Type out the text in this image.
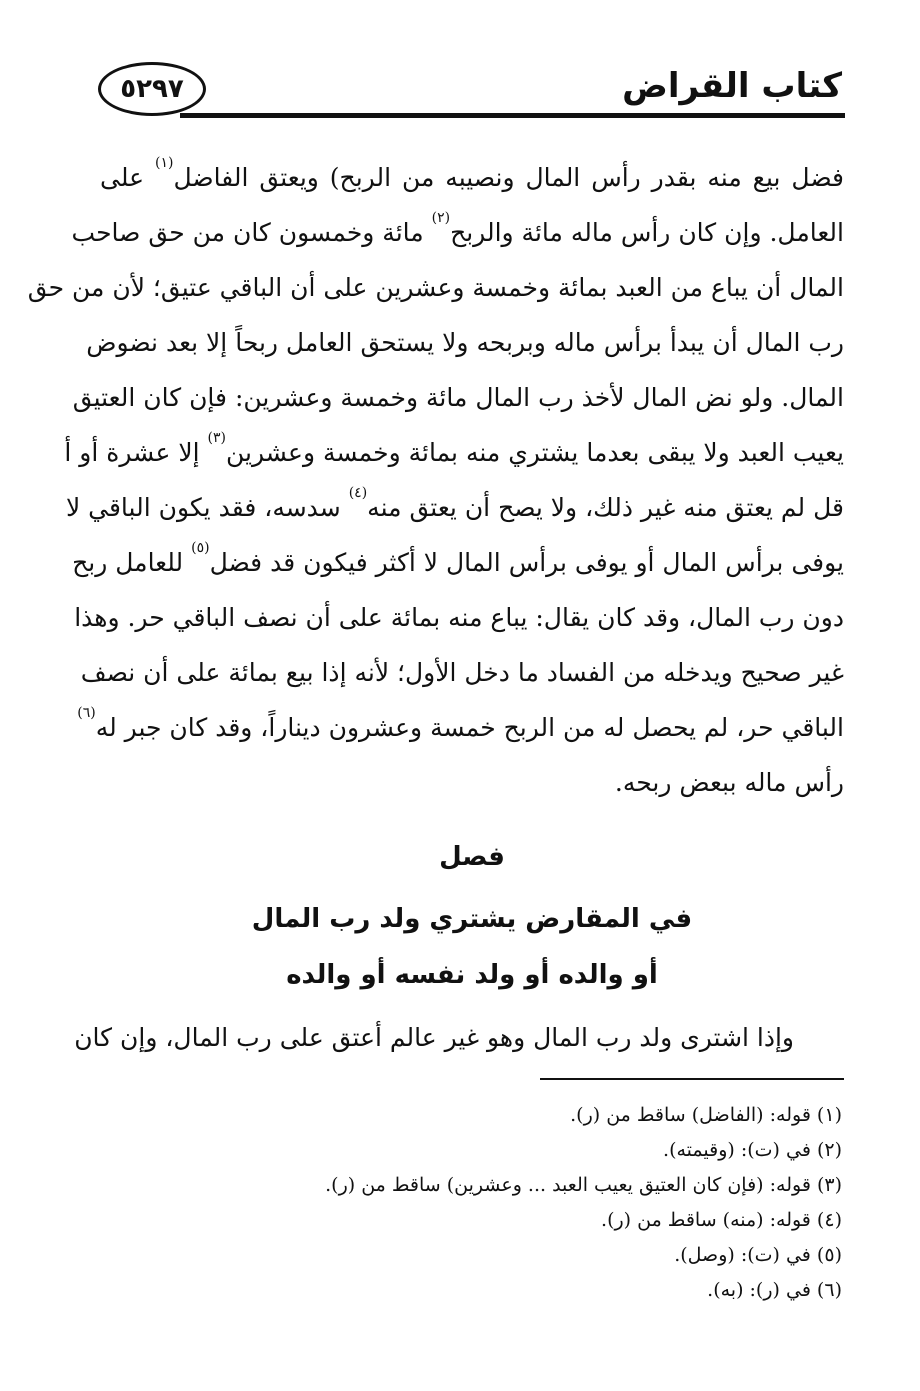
٥٢٩٧	كتاب القراض
فضل بيع منه بقدر رأس المال ونصيبه من الربح) ويعتق الفاضل$^{(١)}$ على
العامل. وإن كان رأس ماله مائة والربح$^{(٢)}$ مائة وخمسون كان من حق صاحب
المال أن يباع من العبد بمائة وخمسة وعشرين على أن الباقي عتيق؛ لأن من حق
رب المال أن يبدأ برأس ماله وبربحه ولا يستحق العامل ربحاً إلا بعد نضوض
المال. ولو نض المال لأخذ رب المال مائة وخمسة وعشرين: فإن كان العتيق
يعيب العبد ولا يبقى بعدما يشتري منه بمائة وخمسة وعشرين$^{(٣)}$ إلا عشرة أو أ
قل لم يعتق منه غير ذلك، ولا يصح أن يعتق منه$^{(٤)}$ سدسه، فقد يكون الباقي لا
يوفى برأس المال أو يوفى برأس المال لا أكثر فيكون قد فضل$^{(٥)}$ للعامل ربح
دون رب المال، وقد كان يقال: يباع منه بمائة على أن نصف الباقي حر. وهذا
غير صحيح ويدخله من الفساد ما دخل الأول؛ لأنه إذا بيع بمائة على أن نصف
الباقي حر، لم يحصل له من الربح خمسة وعشرون ديناراً، وقد كان جبر له$^{(٦)}$
رأس ماله ببعض ربحه.
فصل
في المقارض يشتري ولد رب المال
أو والده أو ولد نفسه أو والده
وإذا اشترى ولد رب المال وهو غير عالم أعتق على رب المال، وإن كان
(١) قوله: (الفاضل) ساقط من (ر).
(٢) في (ت): (وقيمته).
(٣) قوله: (فإن كان العتيق يعيب العبد ... وعشرين) ساقط من (ر).
(٤) قوله: (منه) ساقط من (ر).
(٥) في (ت): (وصل).
(٦) في (ر): (به).
